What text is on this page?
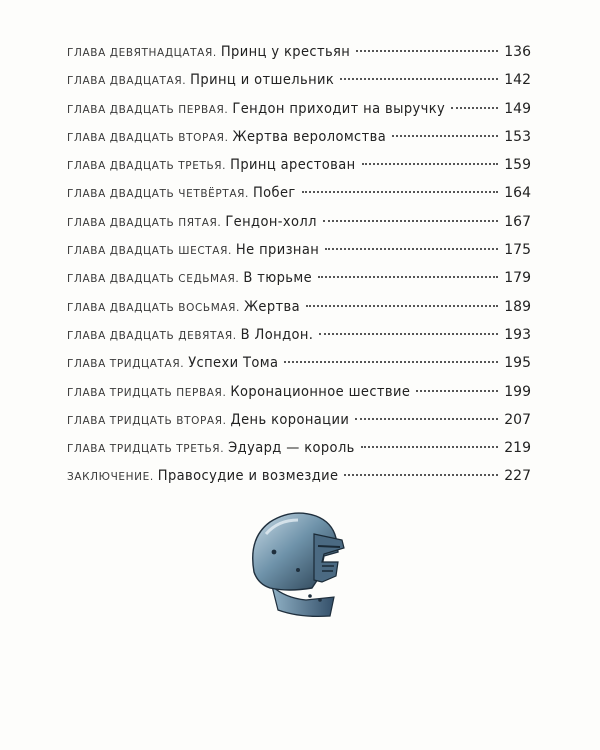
ГЛАВА ДЕВЯТНАДЦАТАЯ. Принц у крестьян	136
ГЛАВА ДВАДЦАТАЯ. Принц и отшельник	142
ГЛАВА ДВАДЦАТЬ ПЕРВАЯ. Гендон приходит на выручку	149
ГЛАВА ДВАДЦАТЬ ВТОРАЯ. Жертва вероломства	153
ГЛАВА ДВАДЦАТЬ ТРЕТЬЯ. Принц арестован	159
ГЛАВА ДВАДЦАТЬ ЧЕТВЁРТАЯ. Побег	164
ГЛАВА ДВАДЦАТЬ ПЯТАЯ. Гендон-холл	167
ГЛАВА ДВАДЦАТЬ ШЕСТАЯ. Не признан	175
ГЛАВА ДВАДЦАТЬ СЕДЬМАЯ. В тюрьме	179
ГЛАВА ДВАДЦАТЬ ВОСЬМАЯ. Жертва	189
ГЛАВА ДВАДЦАТЬ ДЕВЯТАЯ. В Лондон.	193
ГЛАВА ТРИДЦАТАЯ. Успехи Тома	195
ГЛАВА ТРИДЦАТЬ ПЕРВАЯ. Коронационное шествие	199
ГЛАВА ТРИДЦАТЬ ВТОРАЯ. День коронации	207
ГЛАВА ТРИДЦАТЬ ТРЕТЬЯ. Эдуард — король	219
ЗАКЛЮЧЕНИЕ. Правосудие и возмездие	227
